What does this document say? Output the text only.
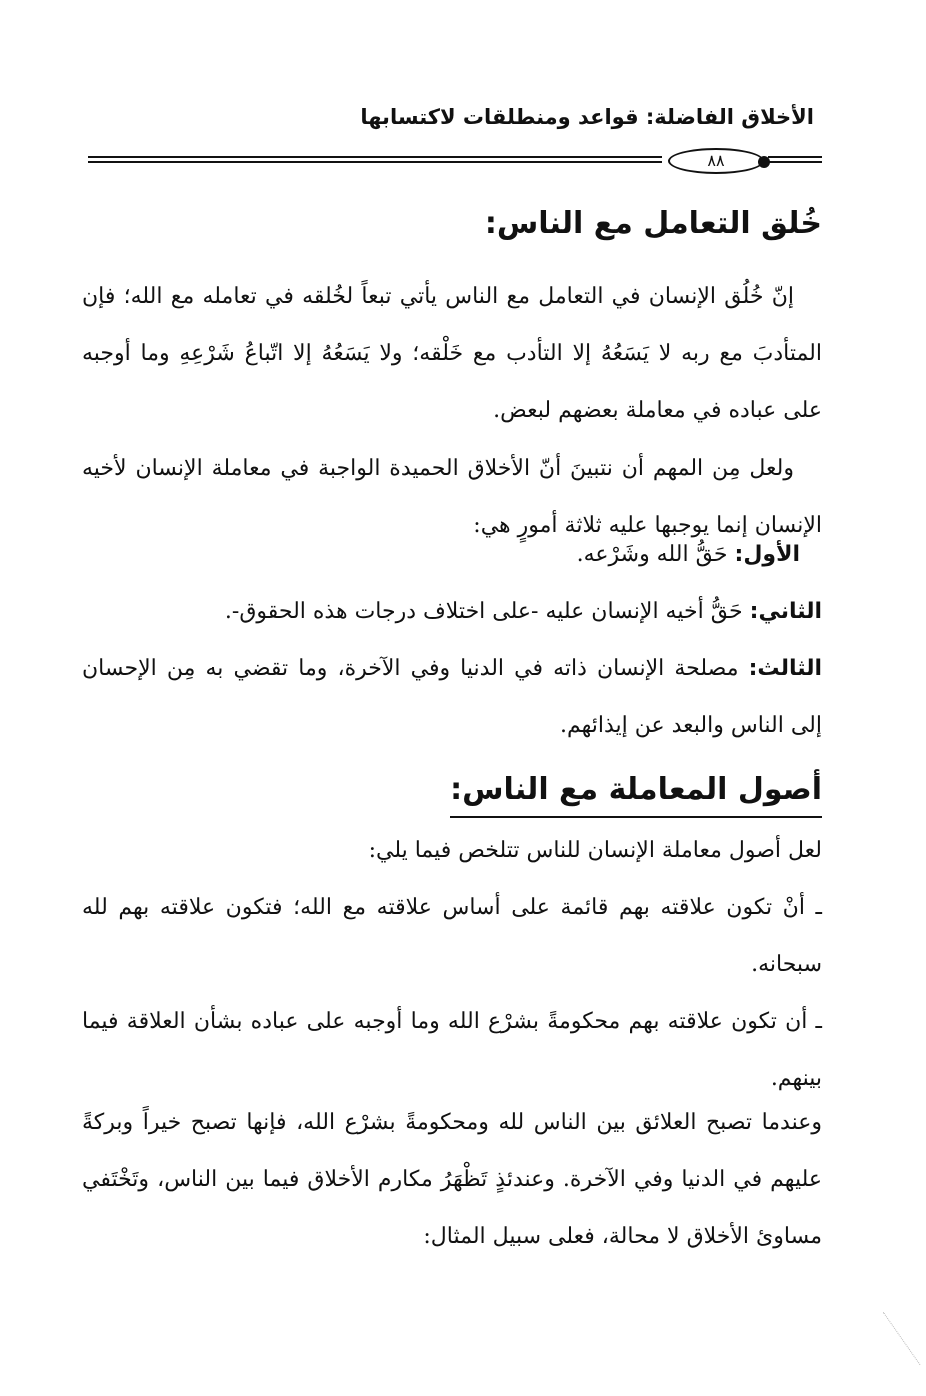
الأخلاق الفاضلة: قواعد ومنطلقات لاكتسابها
٨٨
خُلق التعامل مع الناس:
إنّ خُلُق الإنسان في التعامل مع الناس يأتي تبعاً لخُلقه في تعامله مع الله؛ فإن المتأدبَ مع ربه لا يَسَعُهُ إلا التأدب مع خَلْقه؛ ولا يَسَعُهُ إلا اتّباعُ شَرْعِهِ وما أوجبه على عباده في معاملة بعضهم لبعض.
ولعل مِن المهم أن نتبينَ أنّ الأخلاق الحميدة الواجبة في معاملة الإنسان لأخيه الإنسان إنما يوجبها عليه ثلاثة أمورٍ هي:
الأول: حَقُّ الله وشَرْعه.
الثاني: حَقُّ أخيه الإنسان عليه -على اختلاف درجات هذه الحقوق-.
الثالث: مصلحة الإنسان ذاته في الدنيا وفي الآخرة، وما تقضي به مِن الإحسان إلى الناس والبعد عن إيذائهم.
أصول المعاملة مع الناس:
لعل أصول معاملة الإنسان للناس تتلخص فيما يلي:
ـ أنْ تكون علاقته بهم قائمة على أساس علاقته مع الله؛ فتكون علاقته بهم لله سبحانه.
ـ أن تكون علاقته بهم محكومةً بشرْع الله وما أوجبه على عباده بشأن العلاقة فيما بينهم.
وعندما تصبح العلائق بين الناس لله ومحكومةً بشرْع الله، فإنها تصبح خيراً وبركةً عليهم في الدنيا وفي الآخرة. وعندئذٍ تَظْهَرُ مكارم الأخلاق فيما بين الناس، وتَخْتَفي مساوئ الأخلاق لا محالة، فعلى سبيل المثال:
